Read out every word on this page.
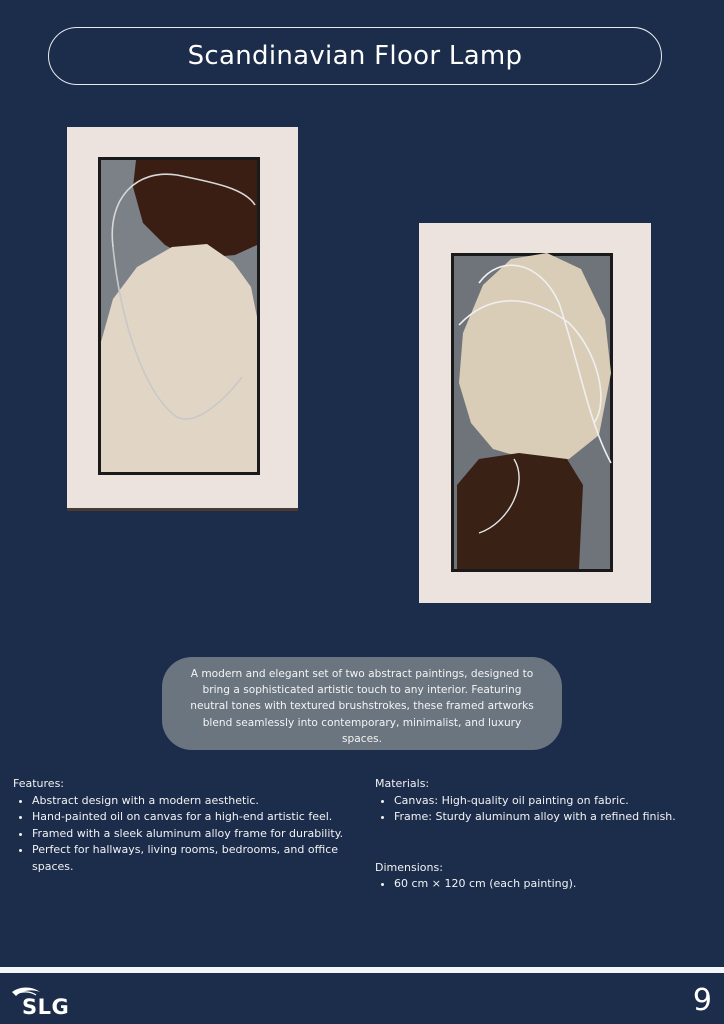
Scandinavian Floor Lamp
A modern and elegant set of two abstract paintings, designed to bring a sophisticated artistic touch to any interior. Featuring neutral tones with textured brushstrokes, these framed artworks blend seamlessly into contemporary, minimalist, and luxury spaces.

Features:

• Abstract design with a modern aesthetic.
• Hand-painted oil on canvas for a high-end artistic feel.
• Framed with a sleek aluminum alloy frame for durability.
• Perfect for hallways, living rooms, bedrooms, and office spaces.

Materials:

• Canvas: High-quality oil painting on fabric.
• Frame: Sturdy aluminum alloy with a refined finish.

Dimensions:

• 60 cm × 120 cm (each painting).
SLG	9
